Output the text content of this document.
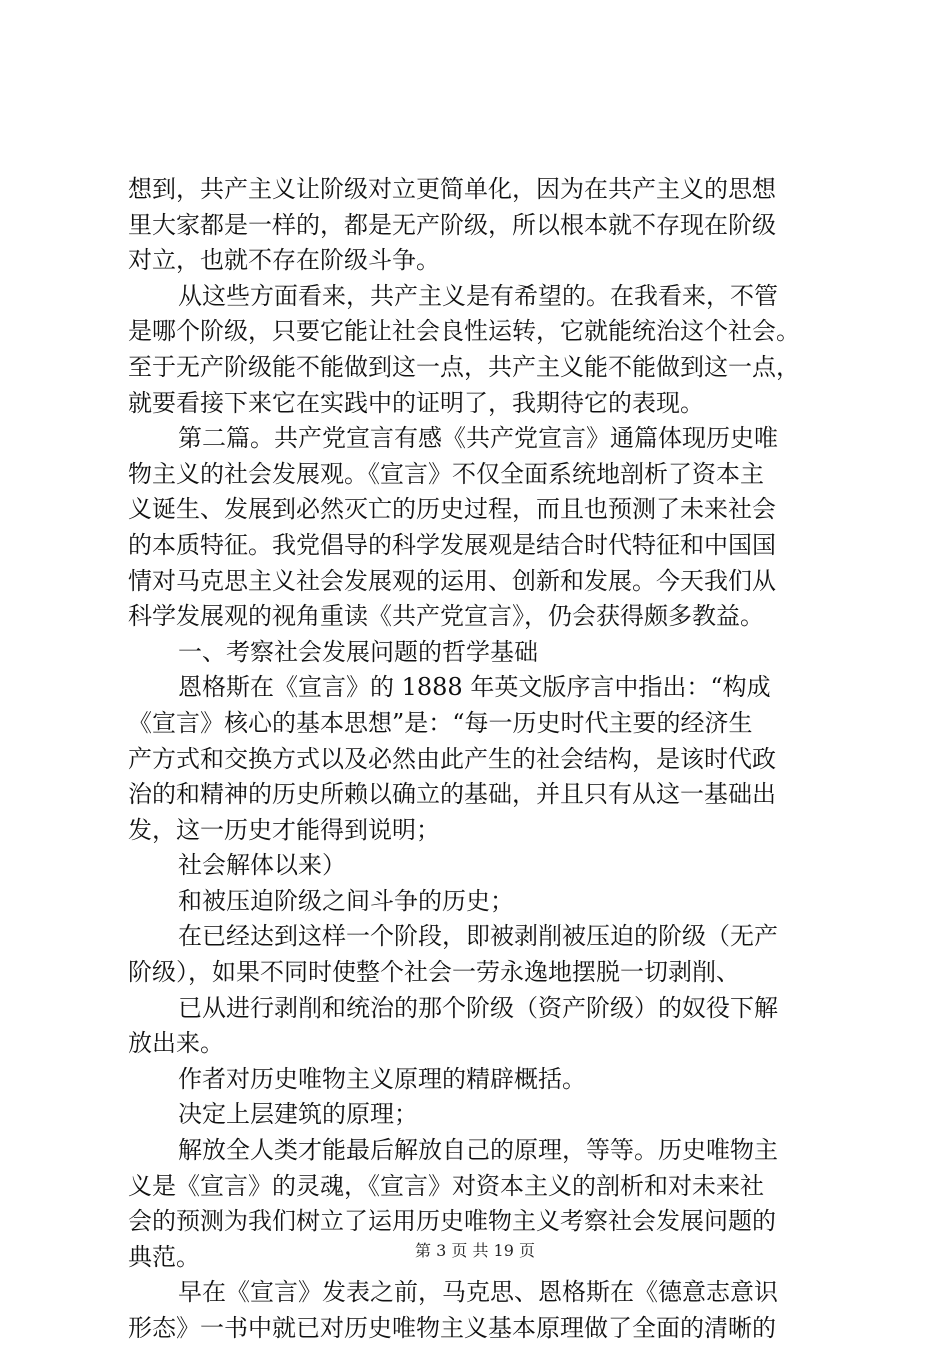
想到，共产主义让阶级对立更简单化，因为在共产主义的思想
里大家都是一样的，都是无产阶级，所以根本就不存现在阶级
对立，也就不存在阶级斗争。
从这些方面看来，共产主义是有希望的。在我看来，不管
是哪个阶级，只要它能让社会良性运转，它就能统治这个社会。
至于无产阶级能不能做到这一点，共产主义能不能做到这一点，
就要看接下来它在实践中的证明了，我期待它的表现。
第二篇。共产党宣言有感《共产党宣言》通篇体现历史唯
物主义的社会发展观。《宣言》不仅全面系统地剖析了资本主
义诞生、发展到必然灭亡的历史过程，而且也预测了未来社会
的本质特征。我党倡导的科学发展观是结合时代特征和中国国
情对马克思主义社会发展观的运用、创新和发展。今天我们从
科学发展观的视角重读《共产党宣言》，仍会获得颇多教益。
一、考察社会发展问题的哲学基础
恩格斯在《宣言》的 1888 年英文版序言中指出：“构成
《宣言》核心的基本思想”是：“每一历史时代主要的经济生
产方式和交换方式以及必然由此产生的社会结构，是该时代政
治的和精神的历史所赖以确立的基础，并且只有从这一基础出
发，这一历史才能得到说明；
社会解体以来）
和被压迫阶级之间斗争的历史；
在已经达到这样一个阶段，即被剥削被压迫的阶级（无产
阶级），如果不同时使整个社会一劳永逸地摆脱一切剥削、
已从进行剥削和统治的那个阶级（资产阶级）的奴役下解
放出来。
作者对历史唯物主义原理的精辟概括。
决定上层建筑的原理；
解放全人类才能最后解放自己的原理，等等。历史唯物主
义是《宣言》的灵魂，《宣言》对资本主义的剖析和对未来社
会的预测为我们树立了运用历史唯物主义考察社会发展问题的
典范。
早在《宣言》发表之前，马克思、恩格斯在《德意志意识
形态》一书中就已对历史唯物主义基本原理做了全面的清晰的
第 3 页 共 19 页
